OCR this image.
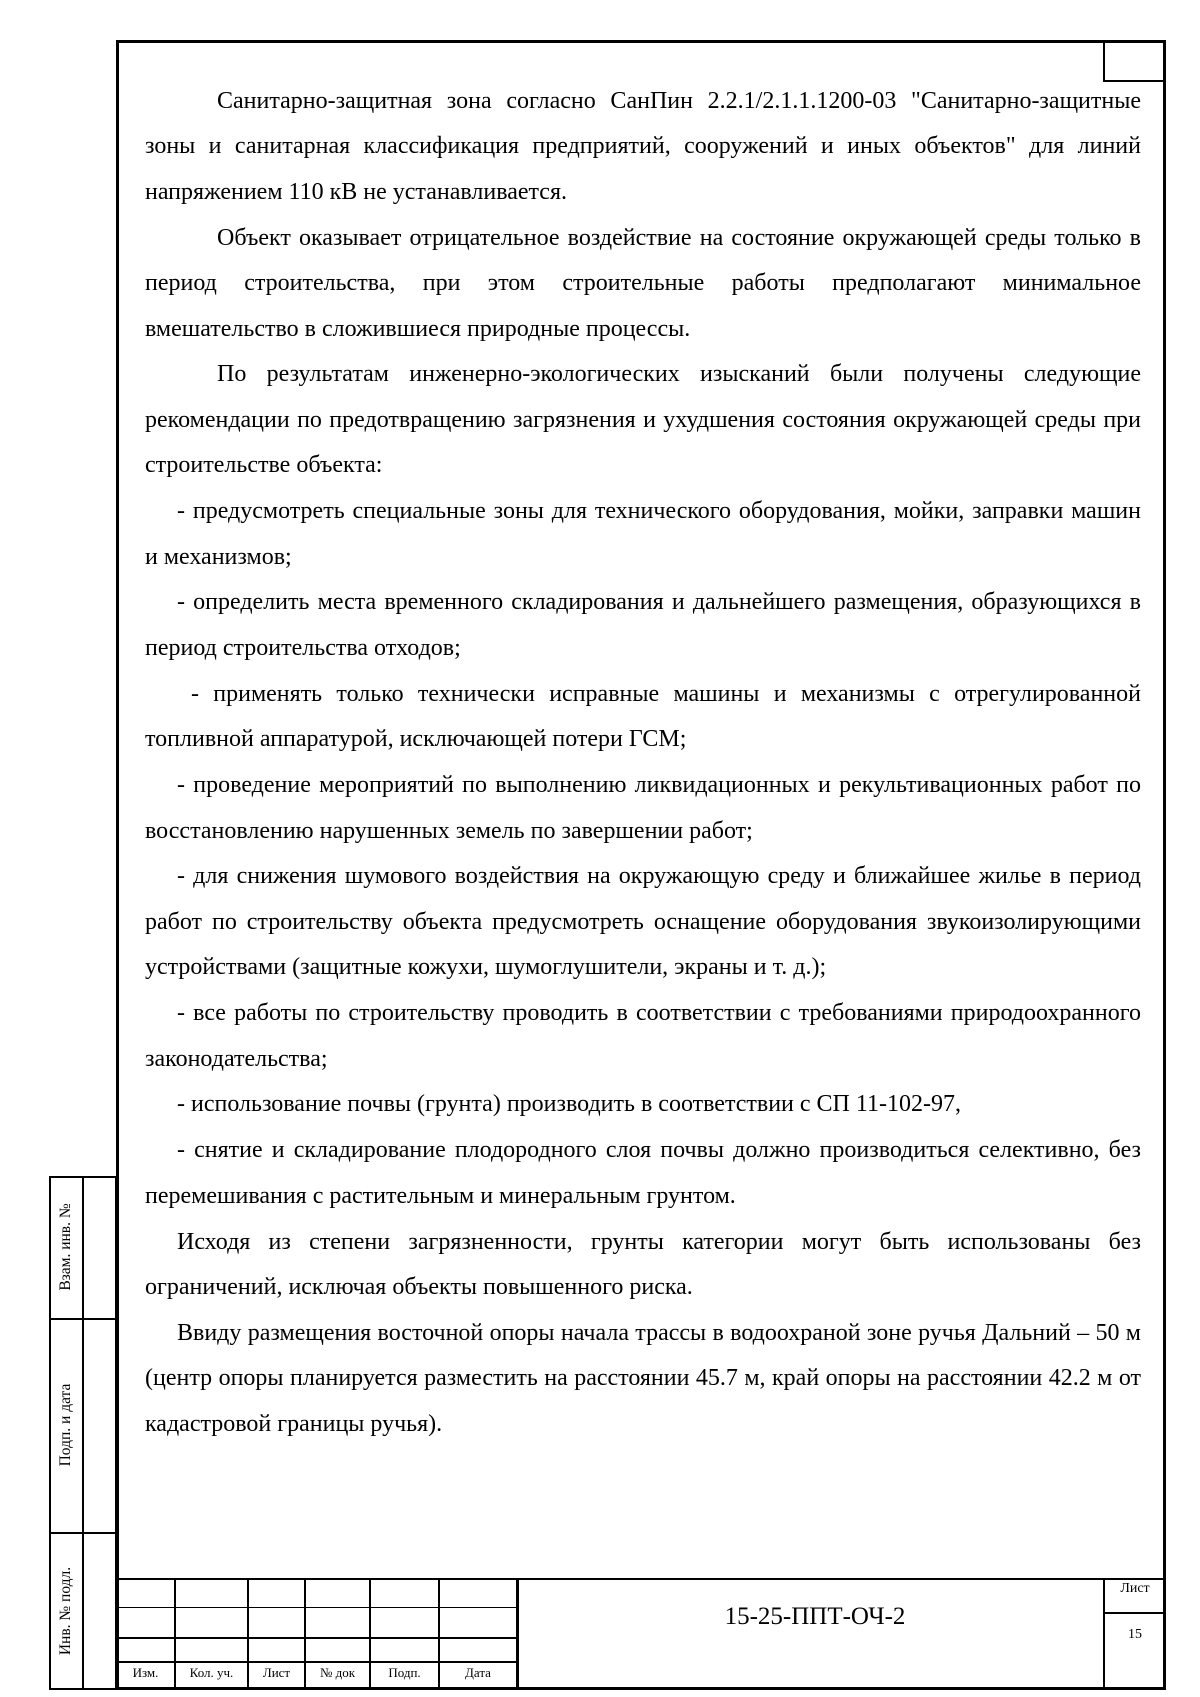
Санитарно-защитная зона согласно СанПин 2.2.1/2.1.1.1200-03 "Санитарно-защитные зоны и санитарная классификация предприятий, сооружений и иных объектов" для линий напряжением 110 кВ не устанавливается.

Объект оказывает отрицательное воздействие на состояние окружающей среды только в период строительства, при этом строительные работы предполагают минимальное вмешательство в сложившиеся природные процессы.

По результатам инженерно-экологических изысканий были получены следующие рекомендации по предотвращению загрязнения и ухудшения состояния окружающей среды при строительстве объекта:

- предусмотреть специальные зоны для технического оборудования, мойки, заправки машин и механизмов;

- определить места временного складирования и дальнейшего размещения, образующихся в период строительства отходов;

- применять только технически исправные машины и механизмы с отрегулированной топливной аппаратурой, исключающей потери ГСМ;

- проведение мероприятий по выполнению ликвидационных и рекультивационных работ по восстановлению нарушенных земель по завершении работ;

- для снижения шумового воздействия на окружающую среду и ближайшее жилье в период работ по строительству объекта предусмотреть оснащение оборудования звукоизолирующими устройствами (защитные кожухи, шумоглушители, экраны и т. д.);

- все работы по строительству проводить в соответствии с требованиями природоохранного законодательства;

- использование почвы (грунта) производить в соответствии с СП 11-102-97,

- снятие и складирование плодородного слоя почвы должно производиться селективно, без перемешивания с растительным и минеральным грунтом.

Исходя из степени загрязненности, грунты категории могут быть использованы без ограничений, исключая объекты повышенного риска.

Ввиду размещения восточной опоры начала трассы в водоохраной зоне ручья Дальний – 50 м (центр опоры планируется разместить на расстоянии 45.7 м, край опоры на расстоянии 42.2 м от кадастровой границы ручья).

Взам. инв. №
Подп. и дата
Инв. № подл.
Изм.	Кол. уч.	Лист	№ док	Подп.	Дата
15-25-ППТ-ОЧ-2
Лист
15
